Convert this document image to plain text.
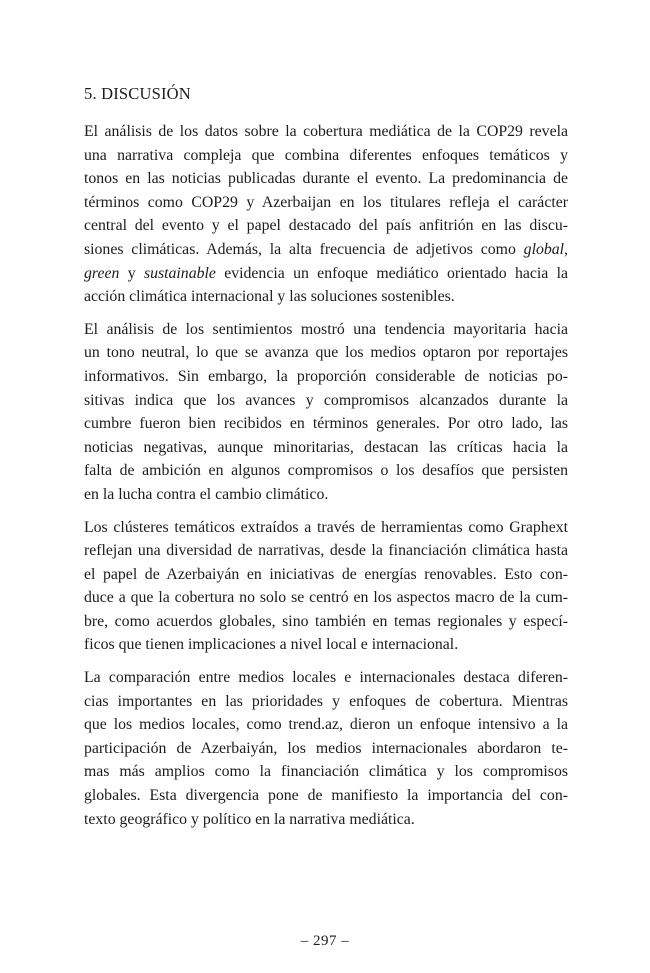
5. DISCUSIÓN
El análisis de los datos sobre la cobertura mediática de la COP29 revela
una narrativa compleja que combina diferentes enfoques temáticos y
tonos en las noticias publicadas durante el evento. La predominancia de
términos como COP29 y Azerbaijan en los titulares refleja el carácter
central del evento y el papel destacado del país anfitrión en las discu-
siones climáticas. Además, la alta frecuencia de adjetivos como global,
green y sustainable evidencia un enfoque mediático orientado hacia la
acción climática internacional y las soluciones sostenibles.
El análisis de los sentimientos mostró una tendencia mayoritaria hacia
un tono neutral, lo que se avanza que los medios optaron por reportajes
informativos. Sin embargo, la proporción considerable de noticias po-
sitivas indica que los avances y compromisos alcanzados durante la
cumbre fueron bien recibidos en términos generales. Por otro lado, las
noticias negativas, aunque minoritarias, destacan las críticas hacia la
falta de ambición en algunos compromisos o los desafíos que persisten
en la lucha contra el cambio climático.
Los clústeres temáticos extraídos a través de herramientas como Graphext
reflejan una diversidad de narrativas, desde la financiación climática hasta
el papel de Azerbaiyán en iniciativas de energías renovables. Esto con-
duce a que la cobertura no solo se centró en los aspectos macro de la cum-
bre, como acuerdos globales, sino también en temas regionales y especí-
ficos que tienen implicaciones a nivel local e internacional.
La comparación entre medios locales e internacionales destaca diferen-
cias importantes en las prioridades y enfoques de cobertura. Mientras
que los medios locales, como trend.az, dieron un enfoque intensivo a la
participación de Azerbaiyán, los medios internacionales abordaron te-
mas más amplios como la financiación climática y los compromisos
globales. Esta divergencia pone de manifiesto la importancia del con-
texto geográfico y político en la narrativa mediática.
– 297 –
